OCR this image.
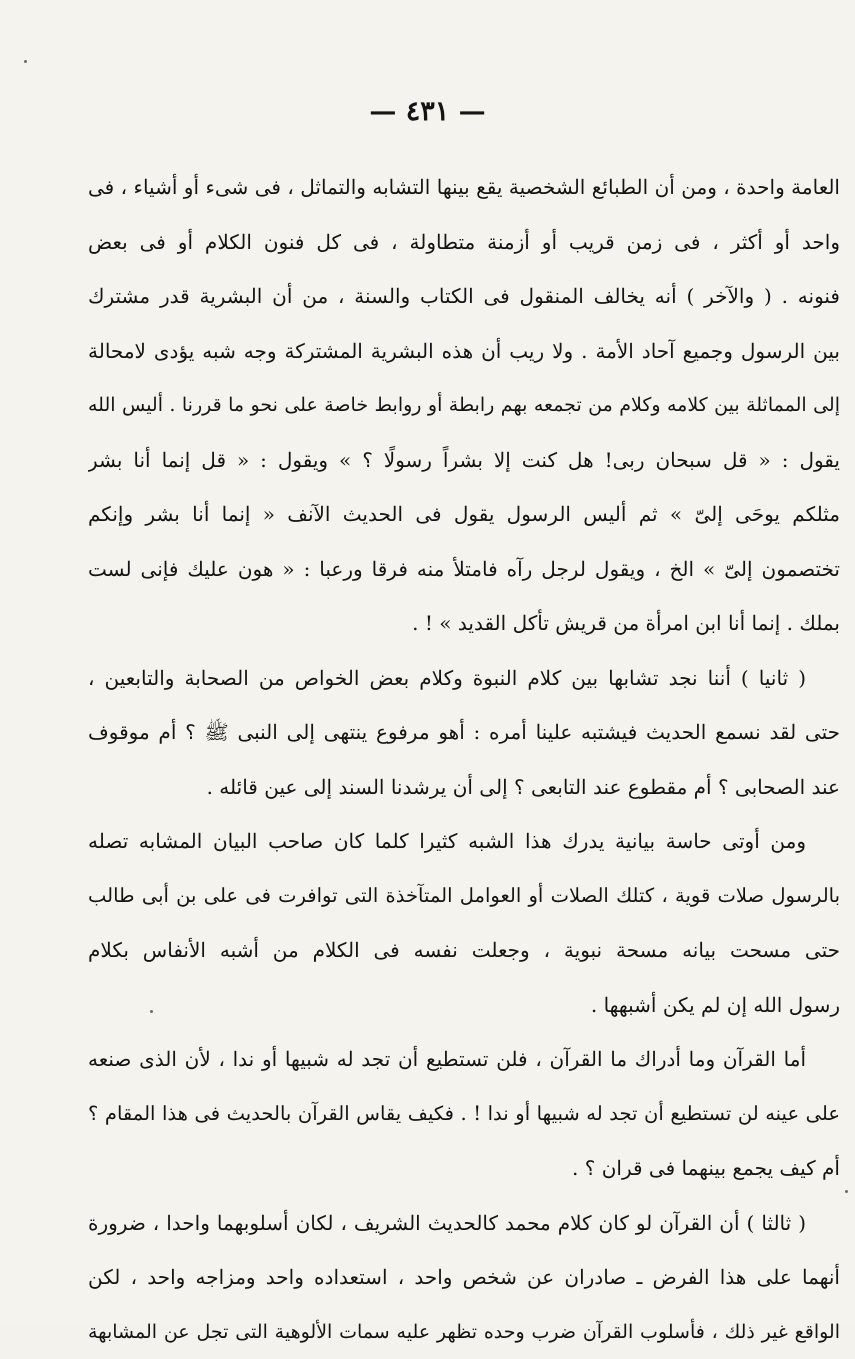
— ٤٣١ —
العامة واحدة ، ومن أن الطبائع الشخصية يقع بينها التشابه والتماثل ، فى شىء أو أشياء ، فى
واحد أو أكثر ، فى زمن قريب أو أزمنة متطاولة ، فى كل فنون الكلام أو فى بعض
فنونه . ( والآخر ) أنه يخالف المنقول فى الكتاب والسنة ، من أن البشرية قدر مشترك
بين الرسول وجميع آحاد الأمة . ولا ريب أن هذه البشرية المشتركة وجه شبه يؤدى لامحالة
إلى المماثلة بين كلامه وكلام من تجمعه بهم رابطة أو روابط خاصة على نحو ما قررنا . أليس الله
يقول : « قل سبحان ربى! هل كنت إلا بشراً رسولًا ؟ » ويقول : « قل إنما أنا بشر
مثلكم يوحَى إلىّ » ثم أليس الرسول يقول فى الحديث الآنف « إنما أنا بشر وإنكم
تختصمون إلىّ » الخ ، ويقول لرجل رآه فامتلأ منه فرقا ورعبا : « هون عليك فإنى لست
بملك . إنما أنا ابن امرأة من قريش تأكل القديد » ! .
( ثانيا ) أننا نجد تشابها بين كلام النبوة وكلام بعض الخواص من الصحابة والتابعين ،
حتى لقد نسمع الحديث فيشتبه علينا أمره : أهو مرفوع ينتهى إلى النبى ﷺ ؟ أم موقوف
عند الصحابى ؟ أم مقطوع عند التابعى ؟ إلى أن يرشدنا السند إلى عين قائله .
ومن أوتى حاسة بيانية يدرك هذا الشبه كثيرا كلما كان صاحب البيان المشابه تصله
بالرسول صلات قوية ، كتلك الصلات أو العوامل المتآخذة التى توافرت فى على بن أبى طالب
حتى مسحت بيانه مسحة نبوية ، وجعلت نفسه فى الكلام من أشبه الأنفاس بكلام
رسول الله إن لم يكن أشبهها .
أما القرآن وما أدراك ما القرآن ، فلن تستطيع أن تجد له شبيها أو ندا ، لأن الذى صنعه
على عينه لن تستطيع أن تجد له شبيها أو ندا ! . فكيف يقاس القرآن بالحديث فى هذا المقام ؟
أم كيف يجمع بينهما فى قران ؟ .
( ثالثا ) أن القرآن لو كان كلام محمد كالحديث الشريف ، لكان أسلوبهما واحدا ، ضرورة
أنهما على هذا الفرض ـ صادران عن شخص واحد ، استعداده واحد ومزاجه واحد ، لكن
الواقع غير ذلك ، فأسلوب القرآن ضرب وحده تظهر عليه سمات الألوهية التى تجل عن المشابهة
